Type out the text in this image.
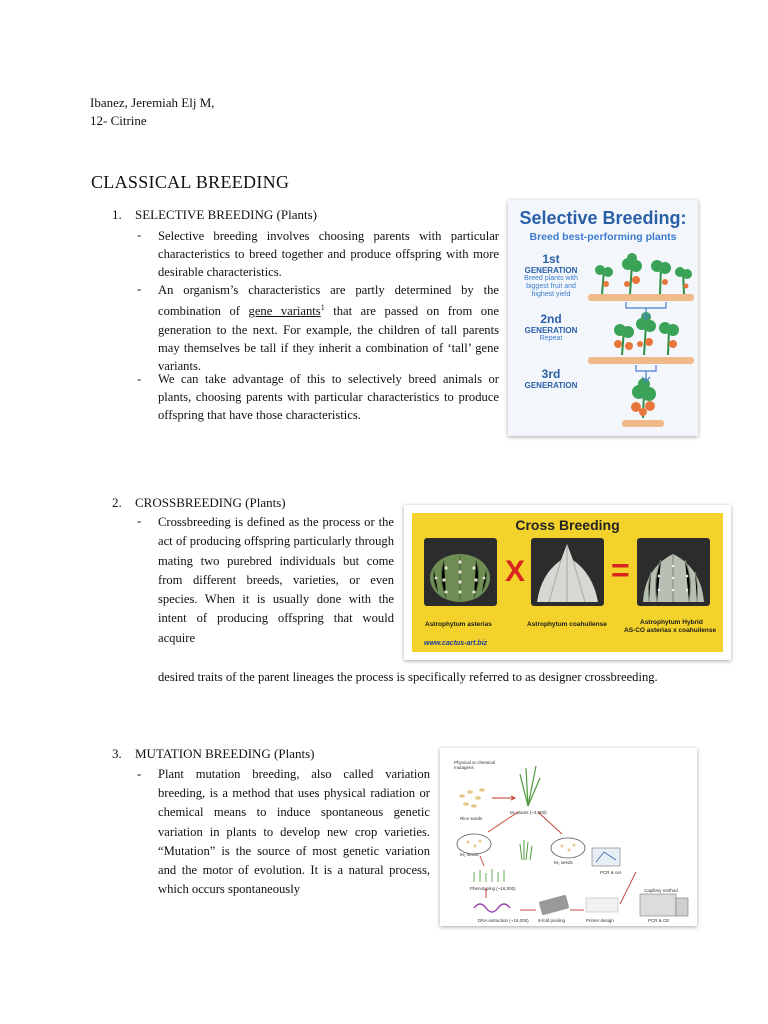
Ibanez, Jeremiah Elj M,
12- Citrine
CLASSICAL BREEDING
1. SELECTIVE BREEDING (Plants)
- Selective breeding involves choosing parents with particular characteristics to breed together and produce offspring with more desirable characteristics.
- An organism’s characteristics are partly determined by the combination of gene variants$^1$ that are passed on from one generation to the next. For example, the children of tall parents may themselves be tall if they inherit a combination of ‘tall’ gene variants.
- We can take advantage of this to selectively breed animals or plants, choosing parents with particular characteristics to produce offspring that have those characteristics.
Selective Breeding:
Breed best-performing plants
1st
GENERATION
Breed plants with biggest fruit and highest yield
2nd
GENERATION
Repeat
3rd
GENERATION
2. CROSSBREEDING (Plants)
- Crossbreeding is defined as the process or the act of producing offspring particularly through mating two purebred individuals but come from different breeds, varieties, or even species. When it is usually done with the intent of producing offspring that would acquire
desired traits of the parent lineages the process is specifically referred to as designer crossbreeding.
Cross Breeding
X	=
Astrophytum asterias	Astrophytum coahuilense	Astrophytum Hybrid
AS-CO asterias x coahuilense
www.cactus-art.biz
3. MUTATION BREEDING (Plants)
- Plant mutation breeding, also called variation breeding, is a method that uses physical radiation or chemical means to induce spontaneous genetic variation in plants to develop new crop varieties. “Mutation” is the source of most genetic variation and the motor of evolution. It is a natural process, which occurs spontaneously
Physical or chemical
mutagens
Rice seeds
M₁ plants (~3,000)
M₂ seeds
M₂ seeds
Phenotyping (~16,000)
DNA extraction (~16,000) 8-fold pooling	Primer design
PCR & ceI
Capillary method
PCR & CE
